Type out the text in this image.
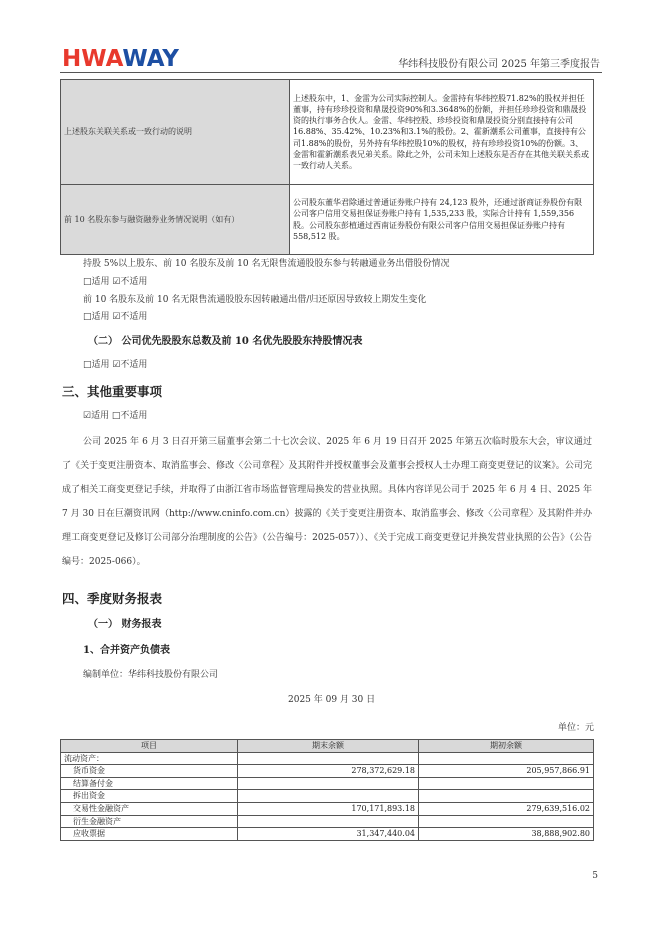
HWAWAY	华纬科技股份有限公司 2025 年第三季度报告
上述股东关联关系或一致行动的说明	上述股东中，1、金雷为公司实际控制人。金雷持有华纬控股71.82%的股权并担任董事，持有珍珍投资和鼎晟投资90%和3.3648%的份额，并担任珍珍投资和鼎晟投资的执行事务合伙人。金雷、华纬控股、珍珍投资和鼎晟投资分别直接持有公司16.88%、35.42%、10.23%和3.1%的股份。2、霍新潮系公司董事，直接持有公司1.88%的股份，另外持有华纬控股10%的股权，持有珍珍投资10%的份额。3、金雷和霍新潮系表兄弟关系。除此之外，公司未知上述股东是否存在其他关联关系或一致行动人关系。
前 10 名股东参与融资融券业务情况说明（如有）	公司股东董华君除通过普通证券账户持有 24,123 股外，还通过浙商证券股份有限公司客户信用交易担保证券账户持有 1,535,233 股，实际合计持有 1,559,356 股。公司股东彭植通过西南证券股份有限公司客户信用交易担保证券账户持有 558,512 股。
持股 5%以上股东、前 10 名股东及前 10 名无限售流通股股东参与转融通业务出借股份情况
□适用 ☑不适用
前 10 名股东及前 10 名无限售流通股股东因转融通出借/归还原因导致较上期发生变化
□适用 ☑不适用
（二） 公司优先股股东总数及前 10 名优先股股东持股情况表
□适用 ☑不适用
三、其他重要事项
☑适用 □不适用
公司 2025 年 6 月 3 日召开第三届董事会第二十七次会议、2025 年 6 月 19 日召开 2025 年第五次临时股东大会，审议通过了《关于变更注册资本、取消监事会、修改〈公司章程〉及其附件并授权董事会及董事会授权人士办理工商变更登记的议案》。公司完成了相关工商变更登记手续，并取得了由浙江省市场监督管理局换发的营业执照。具体内容详见公司于 2025 年 6 月 4 日、2025 年 7 月 30 日在巨潮资讯网（http://www.cninfo.com.cn）披露的《关于变更注册资本、取消监事会、修改〈公司章程〉及其附件并办理工商变更登记及修订公司部分治理制度的公告》（公告编号：2025-057））、《关于完成工商变更登记并换发营业执照的公告》（公告编号：2025-066）。
四、季度财务报表
（一） 财务报表
1、合并资产负债表
编制单位：华纬科技股份有限公司
2025 年 09 月 30 日
单位：元
项目	期末余额	期初余额
流动资产：		
货币资金	278,372,629.18	205,957,866.91
结算备付金		
拆出资金		
交易性金融资产	170,171,893.18	279,639,516.02
衍生金融资产		
应收票据	31,347,440.04	38,888,902.80
5
